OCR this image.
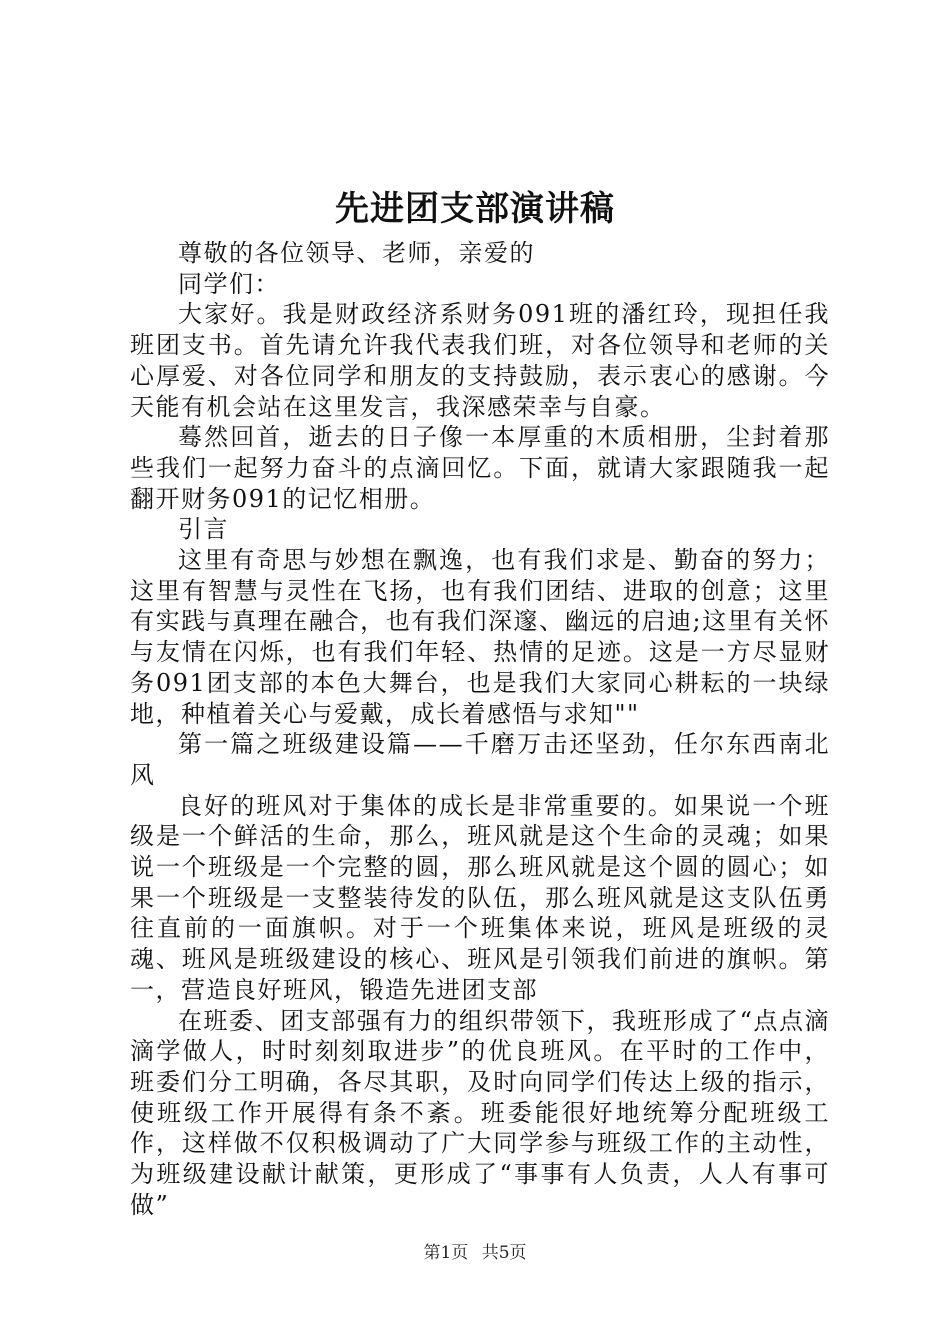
先进团支部演讲稿

尊敬的各位领导、老师，亲爱的

同学们：

大家好。我是财政经济系财务091班的潘红玲，现担任我班团支书。首先请允许我代表我们班，对各位领导和老师的关心厚爱、对各位同学和朋友的支持鼓励，表示衷心的感谢。今天能有机会站在这里发言，我深感荣幸与自豪。

蓦然回首，逝去的日子像一本厚重的木质相册，尘封着那些我们一起努力奋斗的点滴回忆。下面，就请大家跟随我一起翻开财务091的记忆相册。

引言

这里有奇思与妙想在飘逸，也有我们求是、勤奋的努力；这里有智慧与灵性在飞扬，也有我们团结、进取的创意；这里有实践与真理在融合，也有我们深邃、幽远的启迪;这里有关怀与友情在闪烁，也有我们年轻、热情的足迹。这是一方尽显财务091团支部的本色大舞台，也是我们大家同心耕耘的一块绿地，种植着关心与爱戴，成长着感悟与求知""

第一篇之班级建设篇——千磨万击还坚劲，任尔东西南北风

良好的班风对于集体的成长是非常重要的。如果说一个班级是一个鲜活的生命，那么，班风就是这个生命的灵魂；如果说一个班级是一个完整的圆，那么班风就是这个圆的圆心；如果一个班级是一支整装待发的队伍，那么班风就是这支队伍勇往直前的一面旗帜。对于一个班集体来说，班风是班级的灵魂、班风是班级建设的核心、班风是引领我们前进的旗帜。第一，营造良好班风，锻造先进团支部

在班委、团支部强有力的组织带领下，我班形成了“点点滴滴学做人，时时刻刻取进步”的优良班风。在平时的工作中，班委们分工明确，各尽其职，及时向同学们传达上级的指示，使班级工作开展得有条不紊。班委能很好地统筹分配班级工作，这样做不仅积极调动了广大同学参与班级工作的主动性，为班级建设献计献策，更形成了“事事有人负责，人人有事可做”

第1页 共5页
